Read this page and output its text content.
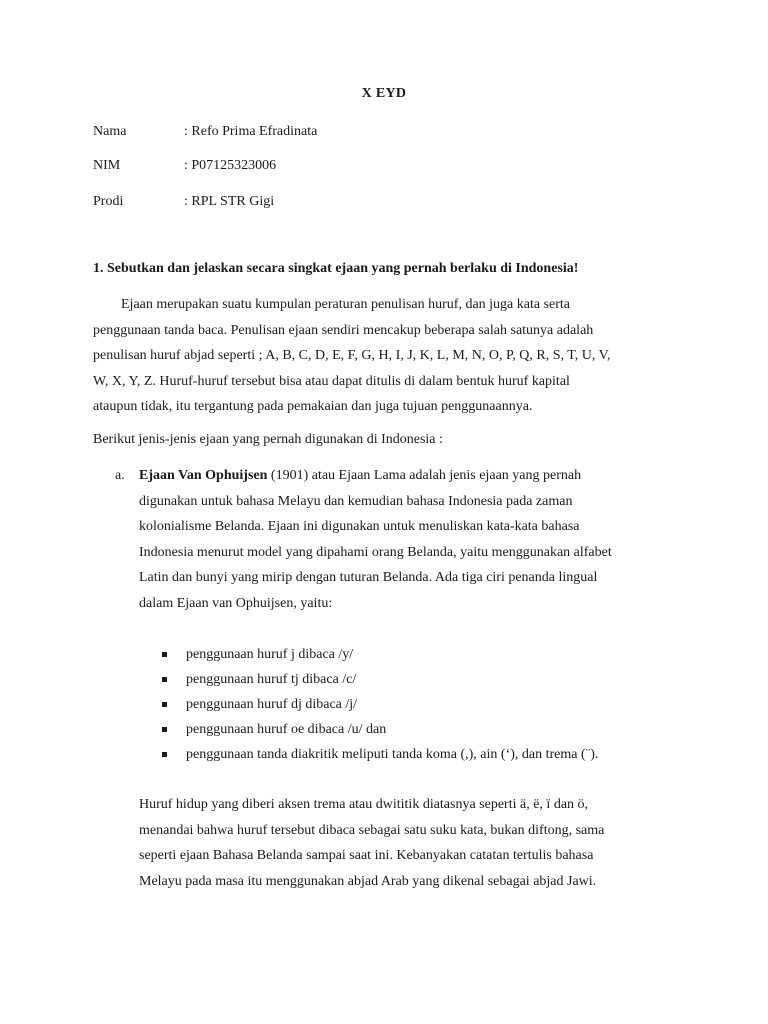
X EYD
Nama	: Refo Prima Efradinata
NIM	: P07125323006
Prodi	: RPL STR Gigi
1. Sebutkan dan jelaskan secara singkat ejaan yang pernah berlaku di Indonesia!
Ejaan merupakan suatu kumpulan peraturan penulisan huruf, dan juga kata serta
penggunaan tanda baca. Penulisan ejaan sendiri mencakup beberapa salah satunya adalah
penulisan huruf abjad seperti ; A, B, C, D, E, F, G, H, I, J, K, L, M, N, O, P, Q, R, S, T, U, V,
W, X, Y, Z. Huruf-huruf tersebut bisa atau dapat ditulis di dalam bentuk huruf kapital
ataupun tidak, itu tergantung pada pemakaian dan juga tujuan penggunaannya.
Berikut jenis-jenis ejaan yang pernah digunakan di Indonesia :
a. Ejaan Van Ophuijsen (1901) atau Ejaan Lama adalah jenis ejaan yang pernah
digunakan untuk bahasa Melayu dan kemudian bahasa Indonesia pada zaman
kolonialisme Belanda. Ejaan ini digunakan untuk menuliskan kata-kata bahasa
Indonesia menurut model yang dipahami orang Belanda, yaitu menggunakan alfabet
Latin dan bunyi yang mirip dengan tuturan Belanda. Ada tiga ciri penanda lingual
dalam Ejaan van Ophuijsen, yaitu:
penggunaan huruf j dibaca /y/
penggunaan huruf tj dibaca /c/
penggunaan huruf dj dibaca /j/
penggunaan huruf oe dibaca /u/ dan
penggunaan tanda diakritik meliputi tanda koma (,), ain (‘), dan trema (¨).
Huruf hidup yang diberi aksen trema atau dwititik diatasnya seperti ä, ë, ï dan ö,
menandai bahwa huruf tersebut dibaca sebagai satu suku kata, bukan diftong, sama
seperti ejaan Bahasa Belanda sampai saat ini. Kebanyakan catatan tertulis bahasa
Melayu pada masa itu menggunakan abjad Arab yang dikenal sebagai abjad Jawi.
